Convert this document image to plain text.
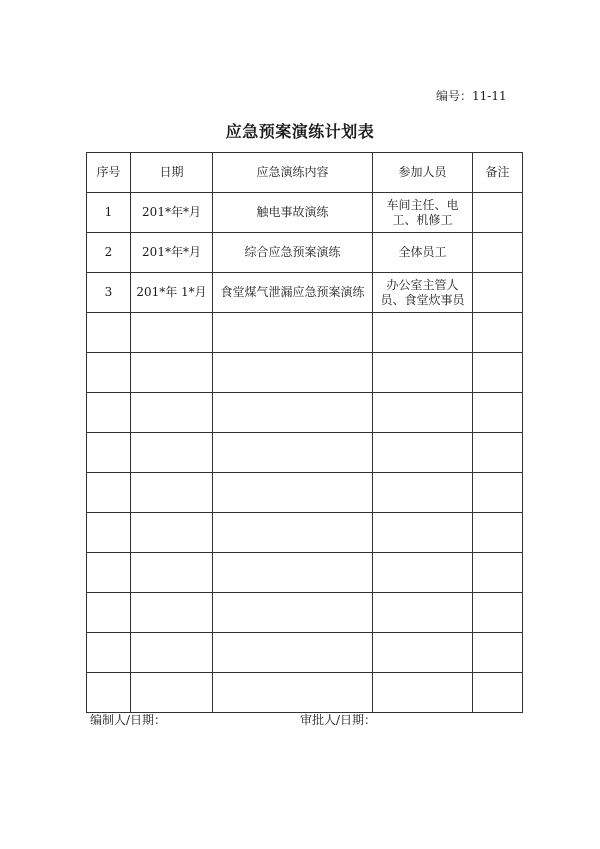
编号：11-11
应急预案演练计划表
序号	日期	应急演练内容	参加人员	备注
1	201*年*月	触电事故演练	车间主任、电工、机修工	
2	201*年*月	综合应急预案演练	全体员工	
3	201*年 1*月	食堂煤气泄漏应急预案演练	办公室主管人员、食堂炊事员	

编制人/日期：	审批人/日期：
